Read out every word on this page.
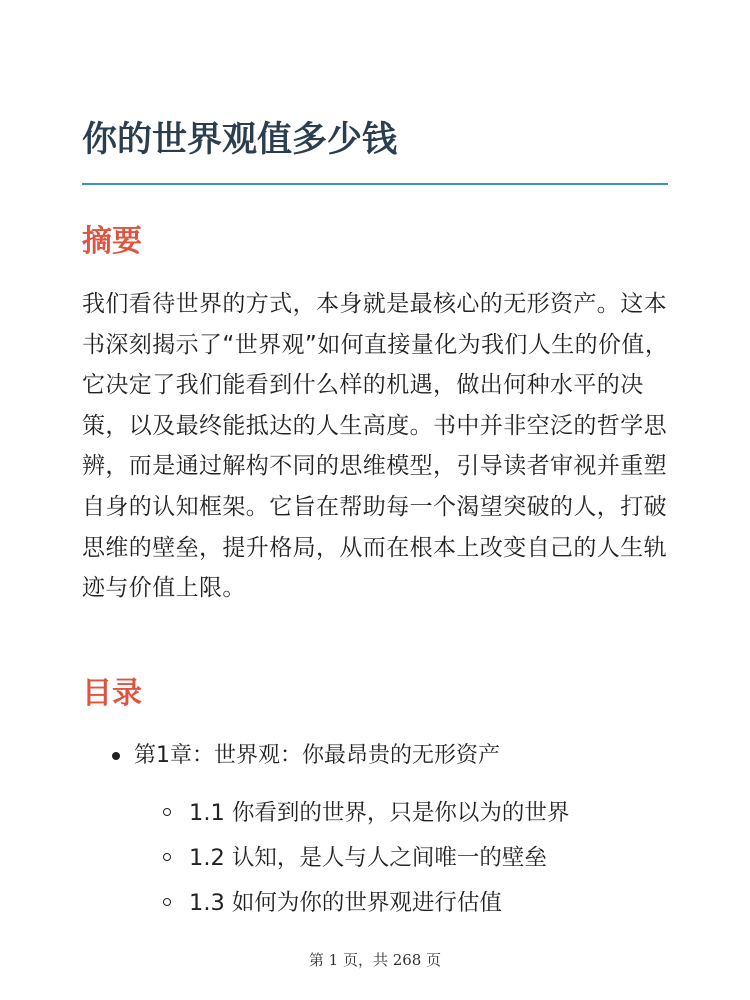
你的世界观值多少钱
摘要

我们看待世界的方式，本身就是最核心的无形资产。这本书深刻揭示了“世界观”如何直接量化为我们人生的价值，它决定了我们能看到什么样的机遇，做出何种水平的决策，以及最终能抵达的人生高度。书中并非空泛的哲学思辨，而是通过解构不同的思维模型，引导读者审视并重塑自身的认知框架。它旨在帮助每一个渴望突破的人，打破思维的壁垒，提升格局，从而在根本上改变自己的人生轨迹与价值上限。

目录
第1章：世界观：你最昂贵的无形资产
1.1 你看到的世界，只是你以为的世界
1.2 认知，是人与人之间唯一的壁垒
1.3 如何为你的世界观进行估值
第 1 页，共 268 页
